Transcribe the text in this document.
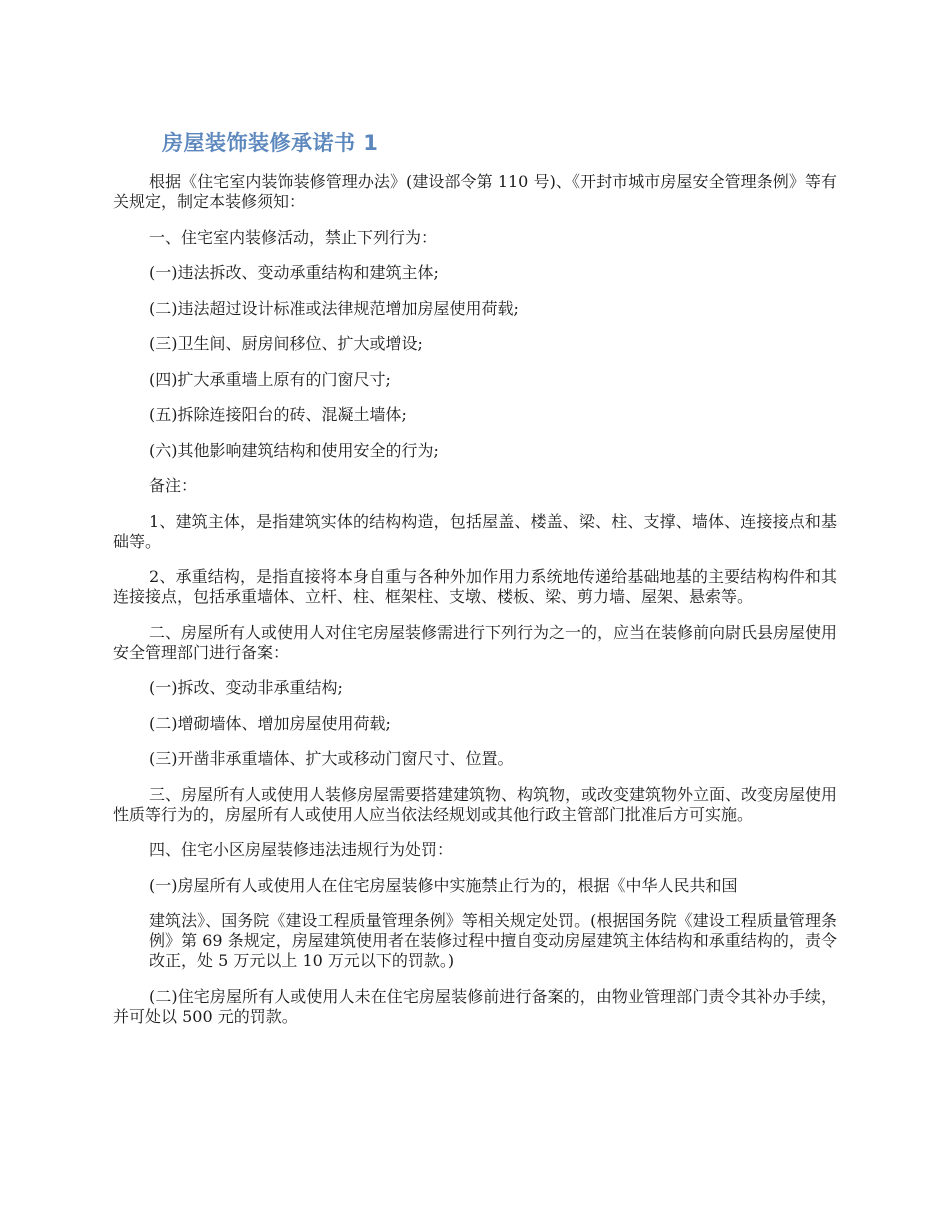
房屋装饰装修承诺书 1

根据《住宅室内装饰装修管理办法》(建设部令第 110 号)、《开封市城市房屋安全管理条例》等有关规定，制定本装修须知：

一、住宅室内装修活动，禁止下列行为：

(一)违法拆改、变动承重结构和建筑主体;

(二)违法超过设计标准或法律规范增加房屋使用荷载;

(三)卫生间、厨房间移位、扩大或增设;

(四)扩大承重墙上原有的门窗尺寸;

(五)拆除连接阳台的砖、混凝土墙体;

(六)其他影响建筑结构和使用安全的行为;

备注：

1、建筑主体，是指建筑实体的结构构造，包括屋盖、楼盖、梁、柱、支撑、墙体、连接接点和基础等。

2、承重结构，是指直接将本身自重与各种外加作用力系统地传递给基础地基的主要结构构件和其连接接点，包括承重墙体、立杆、柱、框架柱、支墩、楼板、梁、剪力墙、屋架、悬索等。

二、房屋所有人或使用人对住宅房屋装修需进行下列行为之一的，应当在装修前向尉氏县房屋使用安全管理部门进行备案：

(一)拆改、变动非承重结构;

(二)增砌墙体、增加房屋使用荷载;

(三)开凿非承重墙体、扩大或移动门窗尺寸、位置。

三、房屋所有人或使用人装修房屋需要搭建建筑物、构筑物，或改变建筑物外立面、改变房屋使用性质等行为的，房屋所有人或使用人应当依法经规划或其他行政主管部门批准后方可实施。

四、住宅小区房屋装修违法违规行为处罚：

(一)房屋所有人或使用人在住宅房屋装修中实施禁止行为的，根据《中华人民共和国

建筑法》、国务院《建设工程质量管理条例》等相关规定处罚。(根据国务院《建设工程质量管理条例》第 69 条规定，房屋建筑使用者在装修过程中擅自变动房屋建筑主体结构和承重结构的，责令改正，处 5 万元以上 10 万元以下的罚款。)

(二)住宅房屋所有人或使用人未在住宅房屋装修前进行备案的，由物业管理部门责令其补办手续，并可处以 500 元的罚款。
